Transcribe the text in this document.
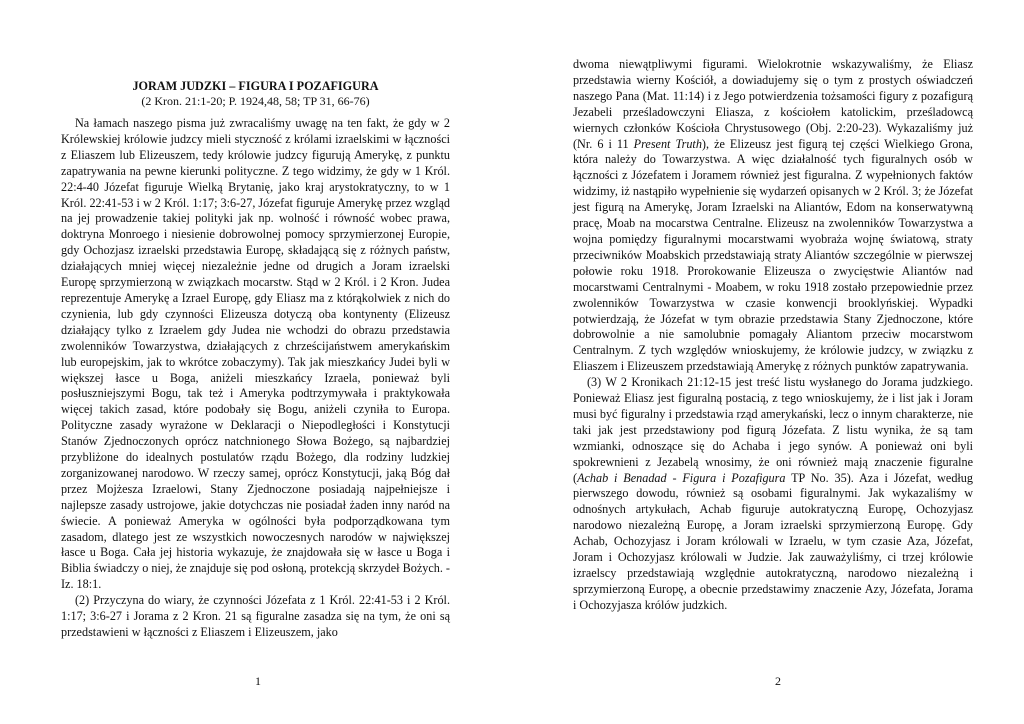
JORAM JUDZKI – FIGURA I POZAFIGURA
(2 Kron. 21:1-20; P. 1924,48, 58; TP 31, 66-76)

Na łamach naszego pisma już zwracaliśmy uwagę na ten fakt, że gdy w 2 Królewskiej królowie judzcy mieli styczność z królami izraelskimi w łączności z Eliaszem lub Elizeuszem, tedy królowie judzcy figurują Amerykę, z punktu zapatrywania na pewne kierunki polityczne. Z tego widzimy, że gdy w 1 Król. 22:4-40 Józefat figuruje Wielką Brytanię, jako kraj arystokratyczny, to w 1 Król. 22:41-53 i w 2 Król. 1:17; 3:6-27, Józefat figuruje Amerykę przez wzgląd na jej prowadzenie takiej polityki jak np. wolność i równość wobec prawa, doktryna Monroego i niesienie dobrowolnej pomocy sprzymierzonej Europie, gdy Ochozjasz izraelski przedstawia Europę, składającą się z różnych państw, działających mniej więcej niezależnie jedne od drugich a Joram izraelski Europę sprzymierzoną w związkach mocarstw. Stąd w 2 Król. i 2 Kron. Judea reprezentuje Amerykę a Izrael Europę, gdy Eliasz ma z którąkolwiek z nich do czynienia, lub gdy czynności Elizeusza dotyczą oba kontynenty (Elizeusz działający tylko z Izraelem gdy Judea nie wchodzi do obrazu przedstawia zwolenników Towarzystwa, działających z chrześcijaństwem amerykańskim lub europejskim, jak to wkrótce zobaczymy). Tak jak mieszkańcy Judei byli w większej łasce u Boga, aniżeli mieszkańcy Izraela, ponieważ byli posłuszniejszymi Bogu, tak też i Ameryka podtrzymywała i praktykowała więcej takich zasad, które podobały się Bogu, aniżeli czyniła to Europa. Polityczne zasady wyrażone w Deklaracji o Niepodległości i Konstytucji Stanów Zjednoczonych oprócz natchnionego Słowa Bożego, są najbardziej przybliżone do idealnych postulatów rządu Bożego, dla rodziny ludzkiej zorganizowanej narodowo. W rzeczy samej, oprócz Konstytucji, jaką Bóg dał przez Mojżesza Izraelowi, Stany Zjednoczone posiadają najpełniejsze i najlepsze zasady ustrojowe, jakie dotychczas nie posiadał żaden inny naród na świecie. A ponieważ Ameryka w ogólności była podporządkowana tym zasadom, dlatego jest ze wszystkich nowoczesnych narodów w największej łasce u Boga. Cała jej historia wykazuje, że znajdowała się w łasce u Boga i Biblia świadczy o niej, że znajduje się pod osłoną, protekcją skrzydeł Bożych. - Iz. 18:1.

(2) Przyczyna do wiary, że czynności Józefata z 1 Król. 22:41-53 i 2 Król. 1:17; 3:6-27 i Jorama z 2 Kron. 21 są figuralne zasadza się na tym, że oni są przedstawieni w łączności z Eliaszem i Elizeuszem, jako

1

dwoma niewątpliwymi figurami. Wielokrotnie wskazywaliśmy, że Eliasz przedstawia wierny Kościół, a dowiadujemy się o tym z prostych oświadczeń naszego Pana (Mat. 11:14) i z Jego potwierdzenia tożsamości figury z pozafigurą Jezabeli prześladowczyni Eliasza, z kościołem katolickim, prześladowcą wiernych członków Kościoła Chrystusowego (Obj. 2:20-23). Wykazaliśmy już (Nr. 6 i 11 Present Truth), że Elizeusz jest figurą tej części Wielkiego Grona, która należy do Towarzystwa. A więc działalność tych figuralnych osób w łączności z Józefatem i Joramem również jest figuralna. Z wypełnionych faktów widzimy, iż nastąpiło wypełnienie się wydarzeń opisanych w 2 Król. 3; że Józefat jest figurą na Amerykę, Joram Izraelski na Aliantów, Edom na konserwatywną pracę, Moab na mocarstwa Centralne. Elizeusz na zwolenników Towarzystwa a wojna pomiędzy figuralnymi mocarstwami wyobraża wojnę światową, straty przeciwników Moabskich przedstawiają straty Aliantów szczególnie w pierwszej połowie roku 1918. Prorokowanie Elizeusza o zwycięstwie Aliantów nad mocarstwami Centralnymi - Moabem, w roku 1918 zostało przepowiednie przez zwolenników Towarzystwa w czasie konwencji brooklyńskiej. Wypadki potwierdzają, że Józefat w tym obrazie przedstawia Stany Zjednoczone, które dobrowolnie a nie samolubnie pomagały Aliantom przeciw mocarstwom Centralnym. Z tych względów wnioskujemy, że królowie judzcy, w związku z Eliaszem i Elizeuszem przedstawiają Amerykę z różnych punktów zapatrywania.

(3) W 2 Kronikach 21:12-15 jest treść listu wysłanego do Jorama judzkiego. Ponieważ Eliasz jest figuralną postacią, z tego wnioskujemy, że i list jak i Joram musi być figuralny i przedstawia rząd amerykański, lecz o innym charakterze, nie taki jak jest przedstawiony pod figurą Józefata. Z listu wynika, że są tam wzmianki, odnoszące się do Achaba i jego synów. A ponieważ oni byli spokrewnieni z Jezabelą wnosimy, że oni również mają znaczenie figuralne (Achab i Benadad - Figura i Pozafigura TP No. 35). Aza i Józefat, według pierwszego dowodu, również są osobami figuralnymi. Jak wykazaliśmy w odnośnych artykułach, Achab figuruje autokratyczną Europę, Ochozyjasz narodowo niezależną Europę, a Joram izraelski sprzymierzoną Europę. Gdy Achab, Ochozyjasz i Joram królowali w Izraelu, w tym czasie Aza, Józefat, Joram i Ochozyjasz królowali w Judzie. Jak zauważyliśmy, ci trzej królowie izraelscy przedstawiają względnie autokratyczną, narodowo niezależną i sprzymierzoną Europę, a obecnie przedstawimy znaczenie Azy, Józefata, Jorama i Ochozyjasza królów judzkich.

2
